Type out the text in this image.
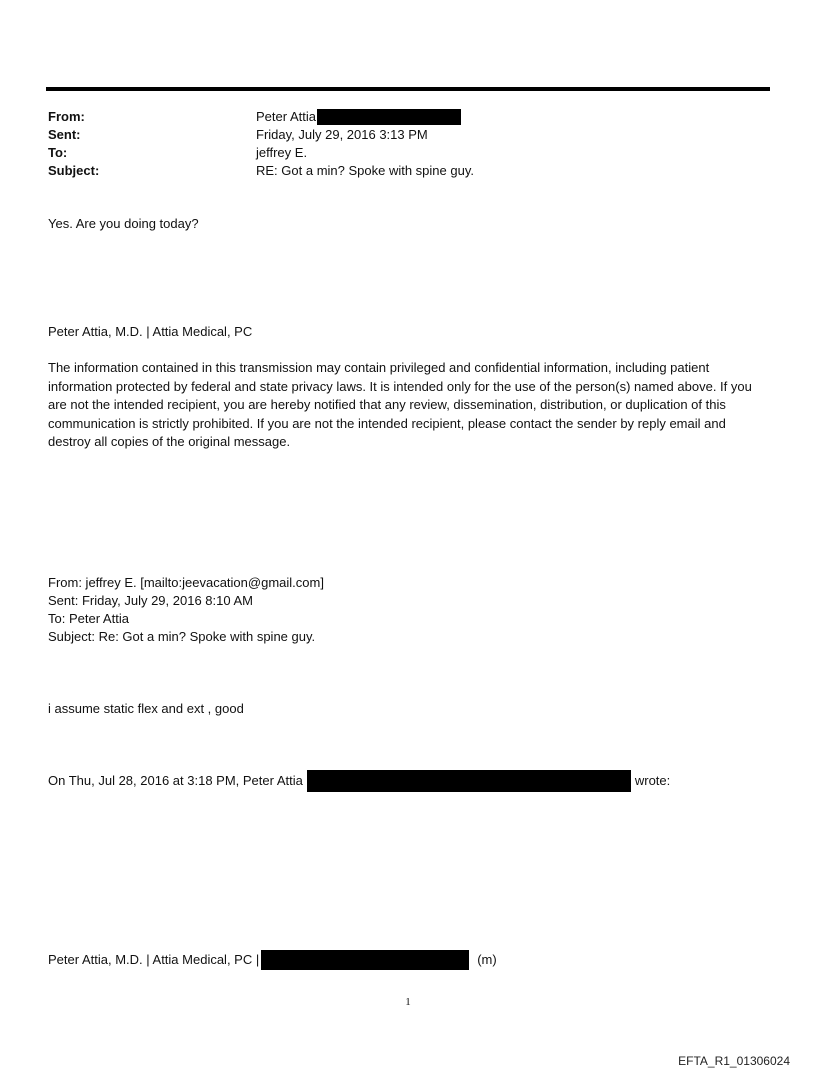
From:	Peter Attia
Sent:	Friday, July 29, 2016 3:13 PM
To:	jeffrey E.
Subject:	RE: Got a min? Spoke with spine guy.
Yes. Are you doing today?
Peter Attia, M.D. | Attia Medical, PC

The information contained in this transmission may contain privileged and confidential information, including patient information protected by federal and state privacy laws. It is intended only for the use of the person(s) named above. If you are not the intended recipient, you are hereby notified that any review, dissemination, distribution, or duplication of this communication is strictly prohibited. If you are not the intended recipient, please contact the sender by reply email and destroy all copies of the original message.

From: jeffrey E. [mailto:jeevacation@gmail.com]
Sent: Friday, July 29, 2016 8:10 AM
To: Peter Attia
Subject: Re: Got a min? Spoke with spine guy.
i assume static flex and ext , good
On Thu, Jul 28, 2016 at 3:18 PM, Peter Attia	wrote:
Peter Attia, M.D. | Attia Medical, PC |	(m)
1
EFTA_R1_01306024
